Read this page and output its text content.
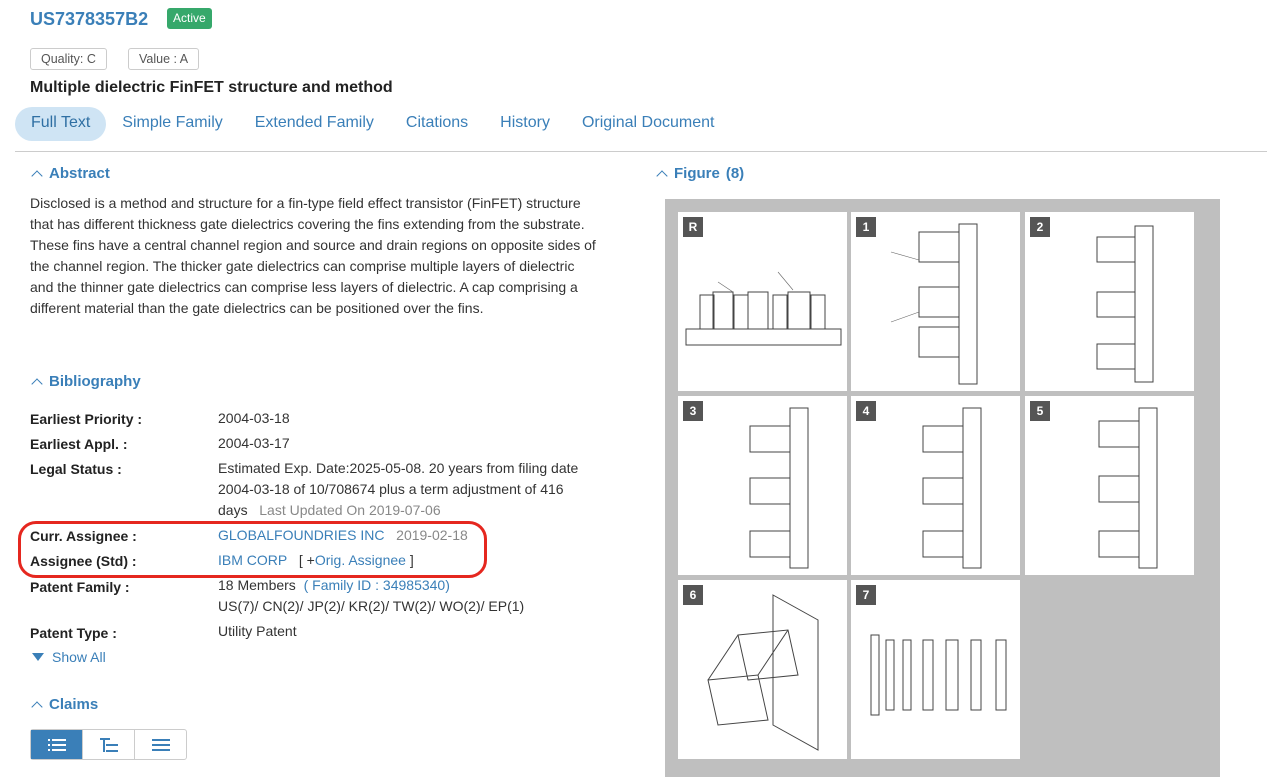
US7378357B2	Active
Quality: C	Value : A
Multiple dielectric FinFET structure and method
Full Text	Simple Family	Extended Family	Citations	History	Original Document
Abstract
Disclosed is a method and structure for a fin-type field effect transistor (FinFET) structure
that has different thickness gate dielectrics covering the fins extending from the substrate.
These fins have a central channel region and source and drain regions on opposite sides of
the channel region. The thicker gate dielectrics can comprise multiple layers of dielectric
and the thinner gate dielectrics can comprise less layers of dielectric. A cap comprising a
different material than the gate dielectrics can be positioned over the fins.
Bibliography
Earliest Priority :	2004-03-18
Earliest Appl. :	2004-03-17
Legal Status :	Estimated Exp. Date:2025-05-08. 20 years from filing date
2004-03-18 of 10/708674 plus a term adjustment of 416
days Last Updated On 2019-07-06
Curr. Assignee :	GLOBALFOUNDRIES INC 2019-02-18
Assignee (Std) :	IBM CORP [ +Orig. Assignee ]
Patent Family :	18 Members ( Family ID : 34985340)
US(7)/ CN(2)/ JP(2)/ KR(2)/ TW(2)/ WO(2)/ EP(1)
Patent Type :	Utility Patent
Show All
Claims
Figure (8)
R	1	2
3	4	5
6	7
